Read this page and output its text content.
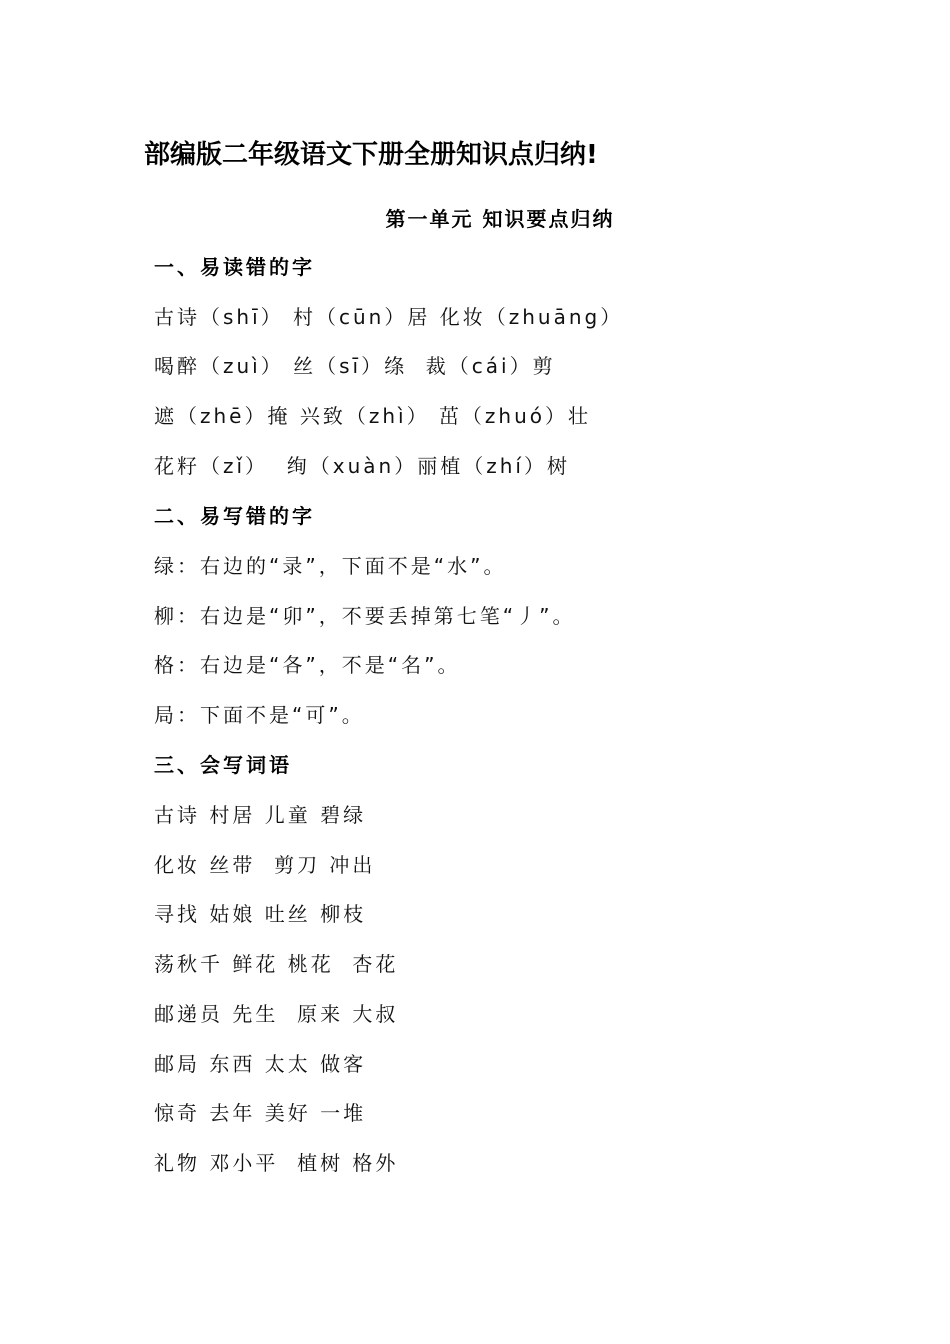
部编版二年级语文下册全册知识点归纳!
第一单元 知识要点归纳
一、易读错的字
古诗（shī） 村（cūn）居 化妆（zhuāng）
喝醉（zuì） 丝（sī）绦  裁（cái）剪
遮（zhē）掩 兴致（zhì） 茁（zhuó）壮
花籽（zǐ）  绚（xuàn）丽植（zhí）树
二、易写错的字
绿：右边的“录”，下面不是“水”。
柳：右边是“卯”，不要丢掉第七笔“丿”。
格：右边是“各”，不是“名”。
局：下面不是“可”。
三、会写词语
古诗 村居 儿童 碧绿
化妆 丝带  剪刀 冲出
寻找 姑娘 吐丝 柳枝
荡秋千 鲜花 桃花  杏花
邮递员 先生  原来 大叔
邮局 东西 太太 做客
惊奇 去年 美好 一堆
礼物 邓小平  植树 格外
